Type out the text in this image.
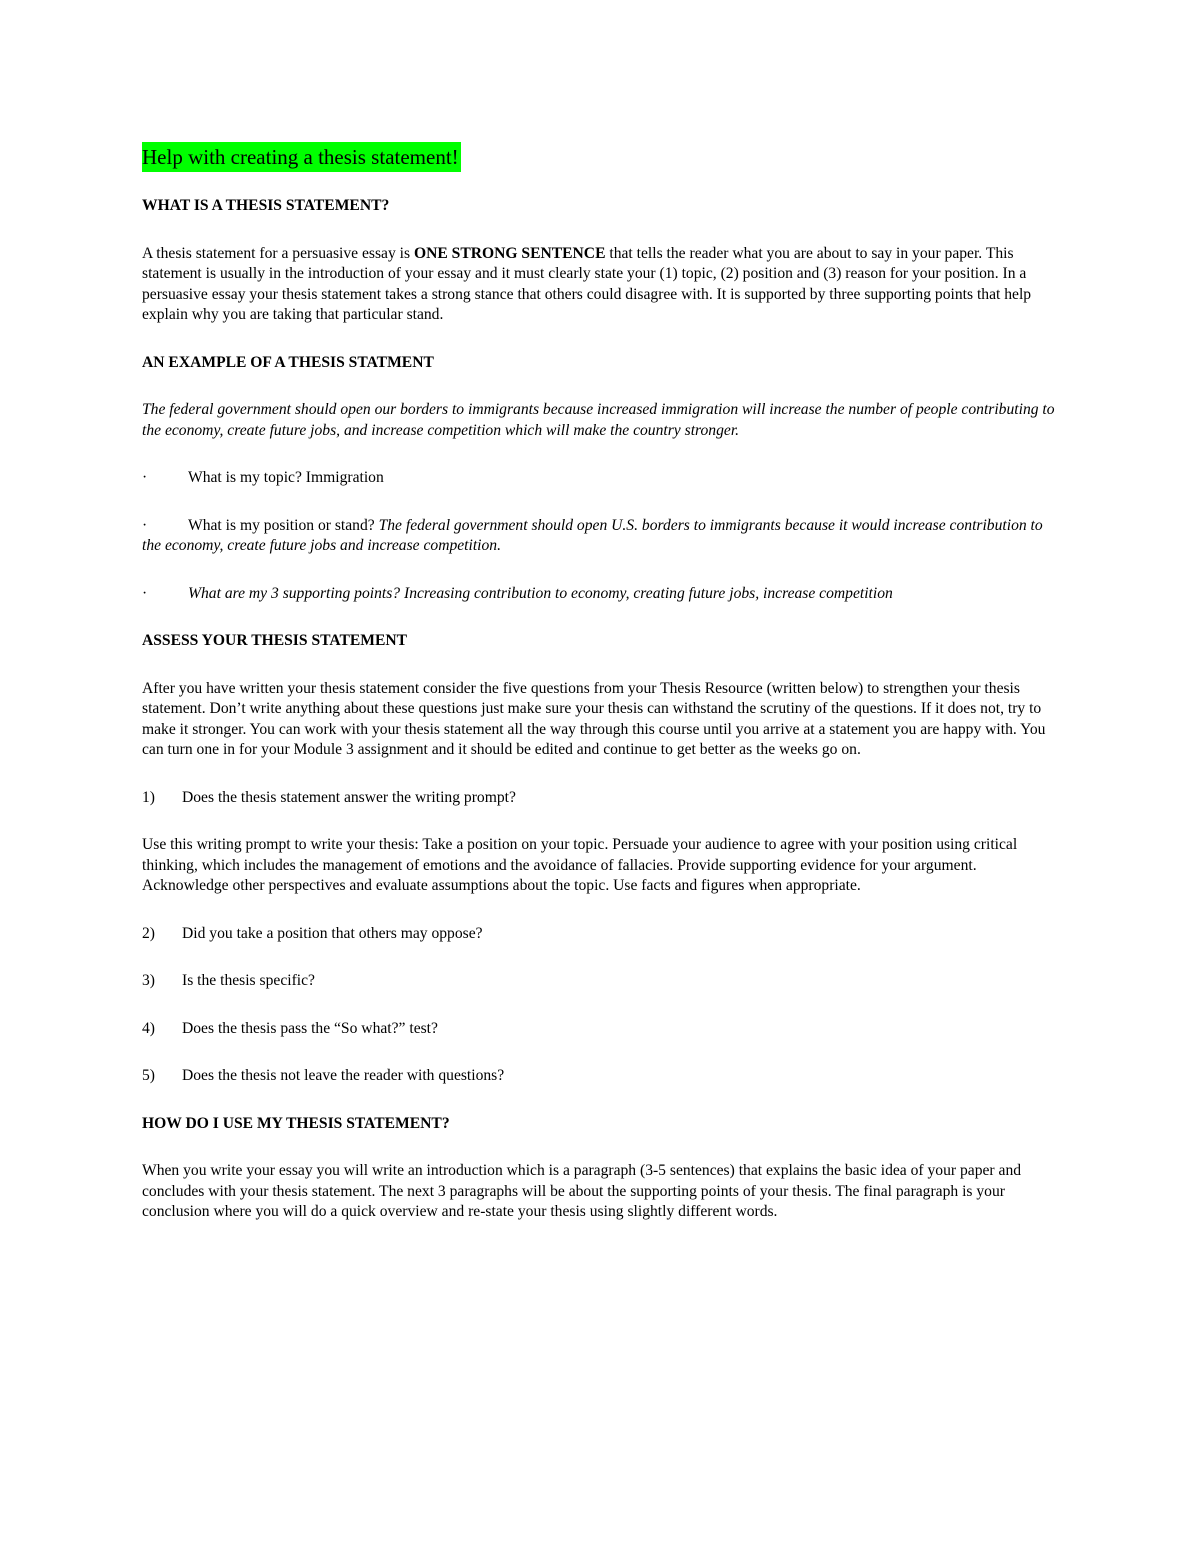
Help with creating a thesis statement!

WHAT IS A THESIS STATEMENT?

A thesis statement for a persuasive essay is ONE STRONG SENTENCE that tells the reader what you are about to say in your paper. This statement is usually in the introduction of your essay and it must clearly state your (1) topic, (2) position and (3) reason for your position. In a persuasive essay your thesis statement takes a strong stance that others could disagree with. It is supported by three supporting points that help explain why you are taking that particular stand.

AN EXAMPLE OF A THESIS STATMENT

The federal government should open our borders to immigrants because increased immigration will increase the number of people contributing to the economy, create future jobs, and increase competition which will make the country stronger.

·	What is my topic? Immigration

·	What is my position or stand? The federal government should open U.S. borders to immigrants because it would increase contribution to the economy, create future jobs and increase competition.

·	What are my 3 supporting points? Increasing contribution to economy, creating future jobs, increase competition

ASSESS YOUR THESIS STATEMENT

After you have written your thesis statement consider the five questions from your Thesis Resource (written below) to strengthen your thesis statement. Don’t write anything about these questions just make sure your thesis can withstand the scrutiny of the questions. If it does not, try to make it stronger. You can work with your thesis statement all the way through this course until you arrive at a statement you are happy with. You can turn one in for your Module 3 assignment and it should be edited and continue to get better as the weeks go on.

1)	Does the thesis statement answer the writing prompt?

Use this writing prompt to write your thesis: Take a position on your topic. Persuade your audience to agree with your position using critical thinking, which includes the management of emotions and the avoidance of fallacies. Provide supporting evidence for your argument. Acknowledge other perspectives and evaluate assumptions about the topic. Use facts and figures when appropriate.

2)	Did you take a position that others may oppose?
3)	Is the thesis specific?
4)	Does the thesis pass the “So what?” test?
5)	Does the thesis not leave the reader with questions?

HOW DO I USE MY THESIS STATEMENT?

When you write your essay you will write an introduction which is a paragraph (3-5 sentences) that explains the basic idea of your paper and concludes with your thesis statement. The next 3 paragraphs will be about the supporting points of your thesis. The final paragraph is your conclusion where you will do a quick overview and re-state your thesis using slightly different words.
